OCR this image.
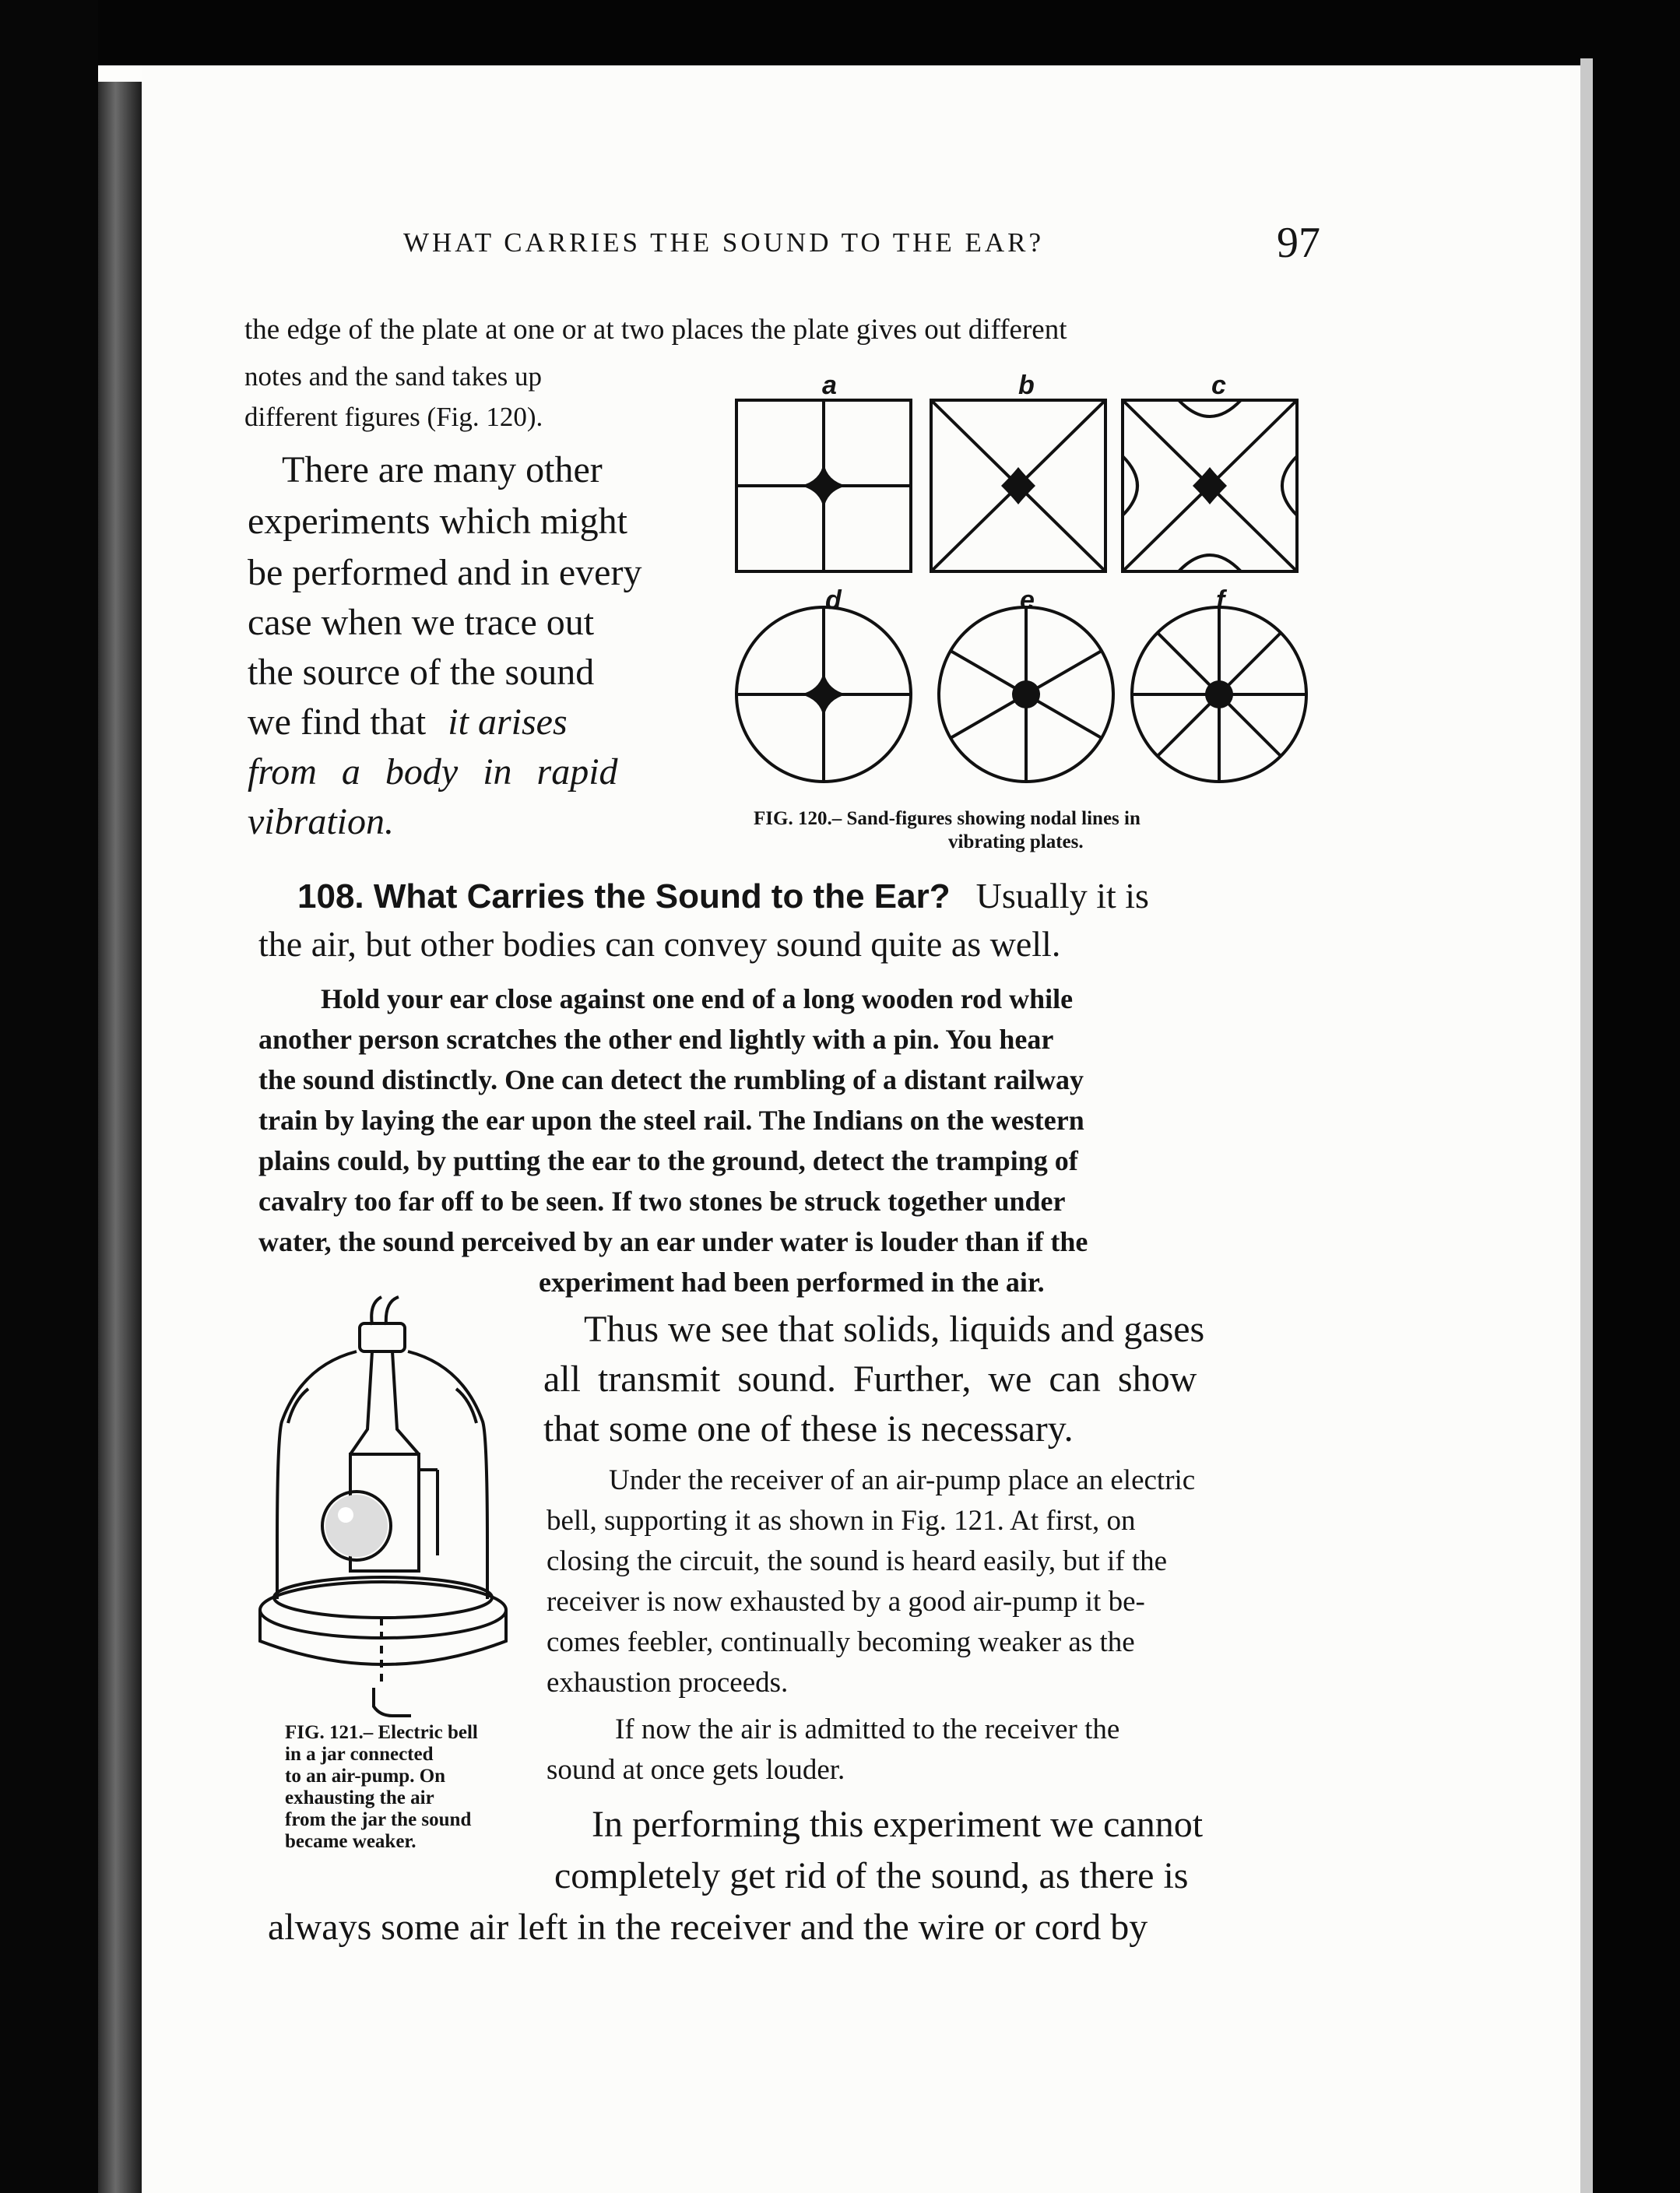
WHAT CARRIES THE SOUND TO THE EAR?	97
the edge of the plate at one or at two places the plate gives out different
notes and the sand takes up
different figures (Fig. 120).
There are many other
experiments which might
be performed and in every
case when we trace out
the source of the sound
we find that it arises
from a body in rapid
vibration.
a	b	c
d	e	f
FIG. 120.– Sand-figures showing nodal lines in
vibrating plates.
108. What Carries the Sound to the Ear? Usually it is
the air, but other bodies can convey sound quite as well.
Hold your ear close against one end of a long wooden rod while
another person scratches the other end lightly with a pin. You hear
the sound distinctly. One can detect the rumbling of a distant railway
train by laying the ear upon the steel rail. The Indians on the western
plains could, by putting the ear to the ground, detect the tramping of
cavalry too far off to be seen. If two stones be struck together under
water, the sound perceived by an ear under water is louder than if the
experiment had been performed in the air.
Thus we see that solids, liquids and gases
all transmit sound. Further, we can show
that some one of these is necessary.
Under the receiver of an air-pump place an electric
bell, supporting it as shown in Fig. 121. At first, on
closing the circuit, the sound is heard easily, but if the
receiver is now exhausted by a good air-pump it be-
comes feebler, continually becoming weaker as the
exhaustion proceeds.
If now the air is admitted to the receiver the
sound at once gets louder.
FIG. 121.– Electric bell
in a jar connected
to an air-pump. On
exhausting the air
from the jar the sound
became weaker.	In performing this experiment we cannot
completely get rid of the sound, as there is
always some air left in the receiver and the wire or cord by
